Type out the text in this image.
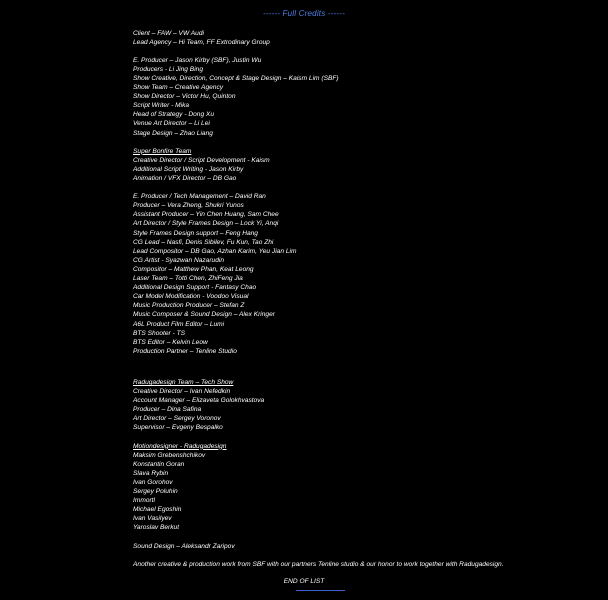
------ Full Credits ------
Client – FAW – VW Audi
Lead Agency – Hi Team, FF Extrodinary Group
E. Producer – Jason Kirby (SBF), Justin Wu
Producers - Li Jing Bing
Show Creative, Direction, Concept & Stage Design – Kaism Lim (SBF)
Show Team – Creative Agency
Show Director – Victor Hu, Quinton
Script Writer - Mika
Head of Strategy - Dong Xu
Venue Art Director – Li Lei
Stage Design – Zhao Liang
Super Bonfire Team
Creative Director / Script Development - Kaism
Additional Script Writing - Jason Kirby
Animation / VFX Director – DB Gao
E. Producer / Tech Management – David Ran
Producer – Vera Zheng, Shukri Yunos
Assistant Producer – Yin Chen Huang, Sam Chee
Art Director / Style Frames Design – Lock Yi, Anqi
Style Frames Design support – Feng Hang
CG Lead – Nasfi, Denis Sibilev, Fu Kun, Tao Zhi
Lead Compositor – DB Gao, Azhan Karim, Yeu Jian Lim
CG Artist - Syazwan Nazarudin
Compositor – Matthew Phan, Keat Leong
Laser Team – Totti Chen, ZhiFeng Jia
Additional Design Support - Fantasy Chao
Car Model Modification - Voodoo Visual
Music Production Producer – Stefan Z
Music Composer & Sound Design – Alex Kringer
A6L Product Film Editor – Lumi
BTS Shooter - TS
BTS Editor – Kelvin Leow
Production Partner – Tenline Studio
Radugadesign Team – Tech Show
Creative Director – Ivan Nefedkin
Account Manager – Elizaveta Golokhvastova
Producer – Dina Safina
Art Director – Sergey Voronov
Supervisor – Evgeny Bespalko
Motiondesigner - Radugadesign
Maksim Grebenshchikov
Konstantin Goran
Slava Rybin
Ivan Gorohov
Sergey Poluhin
Immortl
Michael Egoshin
Ivan Vasilyev
Yaroslav Berkut
Sound Design – Aleksandr Zaripov
Another creative & production work from SBF with our partners Tenline studio & our honor to work together with Radugadesign.
END OF LIST
